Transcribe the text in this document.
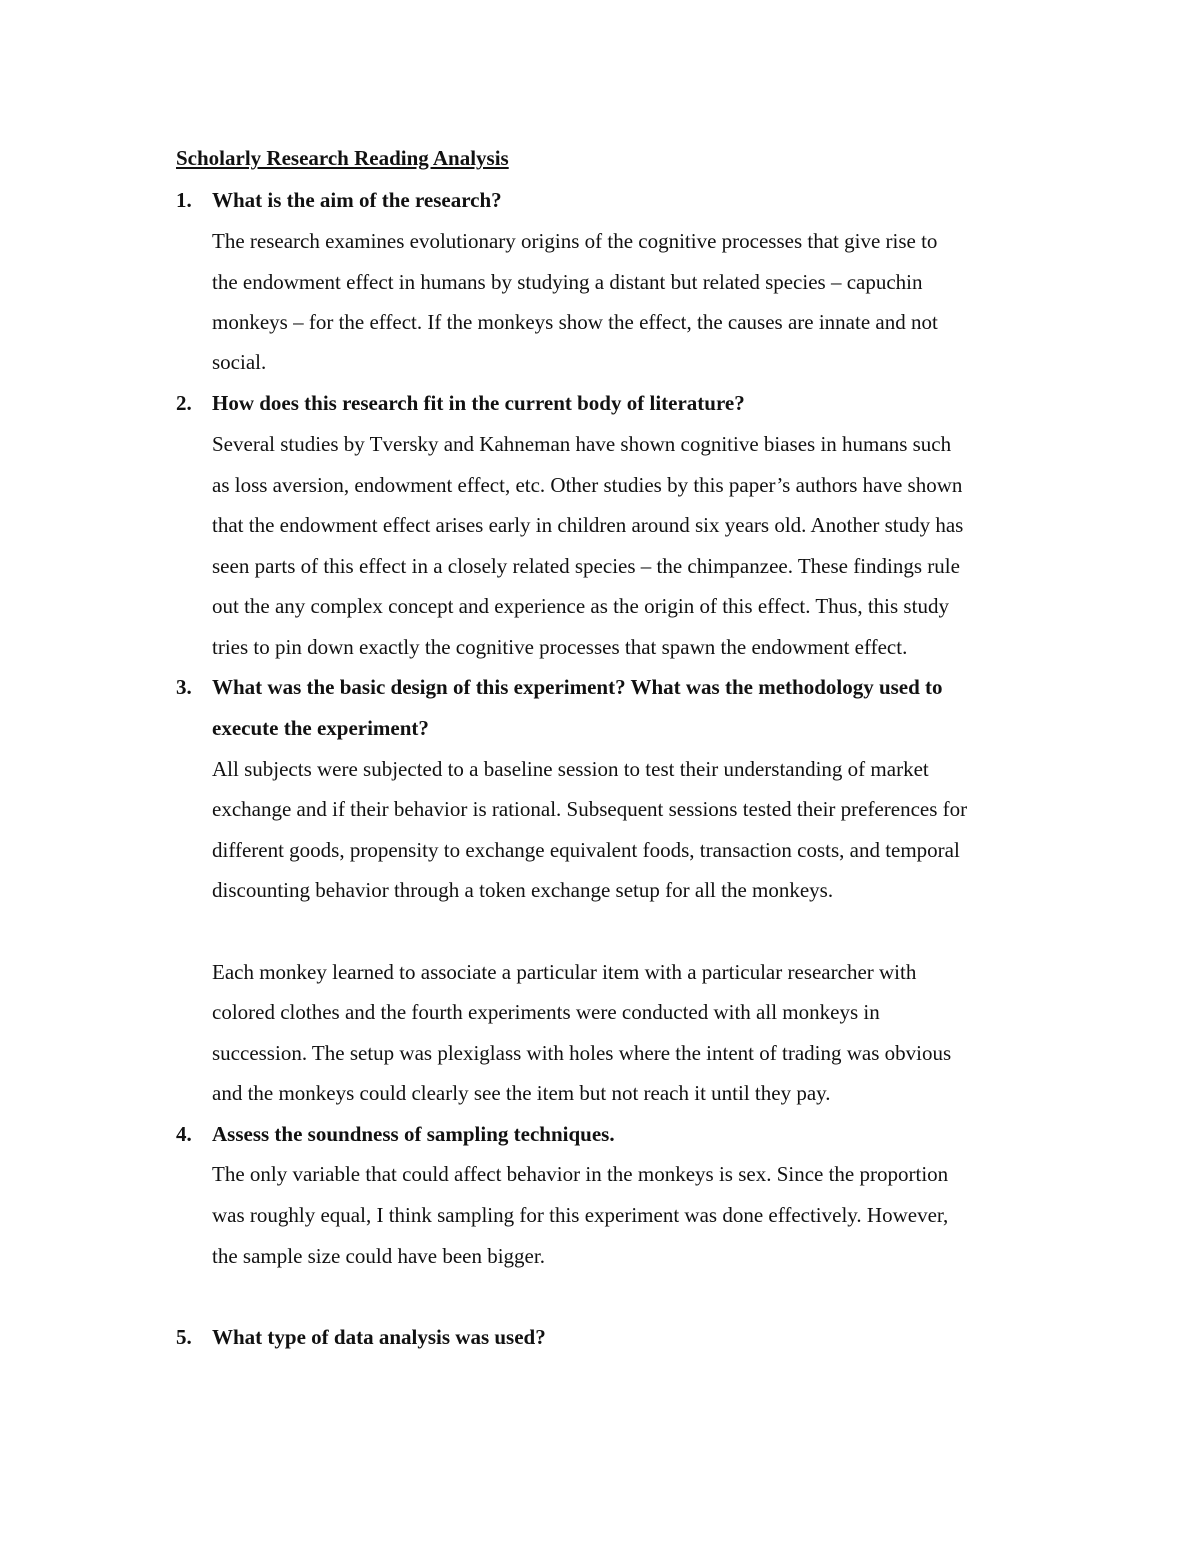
Scholarly Research Reading Analysis
1. What is the aim of the research?
The research examines evolutionary origins of the cognitive processes that give rise to
the endowment effect in humans by studying a distant but related species – capuchin
monkeys – for the effect. If the monkeys show the effect, the causes are innate and not
social.
2. How does this research fit in the current body of literature?
Several studies by Tversky and Kahneman have shown cognitive biases in humans such
as loss aversion, endowment effect, etc. Other studies by this paper’s authors have shown
that the endowment effect arises early in children around six years old. Another study has
seen parts of this effect in a closely related species – the chimpanzee. These findings rule
out the any complex concept and experience as the origin of this effect. Thus, this study
tries to pin down exactly the cognitive processes that spawn the endowment effect.
3. What was the basic design of this experiment? What was the methodology used to
execute the experiment?
All subjects were subjected to a baseline session to test their understanding of market
exchange and if their behavior is rational. Subsequent sessions tested their preferences for
different goods, propensity to exchange equivalent foods, transaction costs, and temporal
discounting behavior through a token exchange setup for all the monkeys.
Each monkey learned to associate a particular item with a particular researcher with
colored clothes and the fourth experiments were conducted with all monkeys in
succession. The setup was plexiglass with holes where the intent of trading was obvious
and the monkeys could clearly see the item but not reach it until they pay.
4. Assess the soundness of sampling techniques.
The only variable that could affect behavior in the monkeys is sex. Since the proportion
was roughly equal, I think sampling for this experiment was done effectively. However,
the sample size could have been bigger.
5. What type of data analysis was used?
